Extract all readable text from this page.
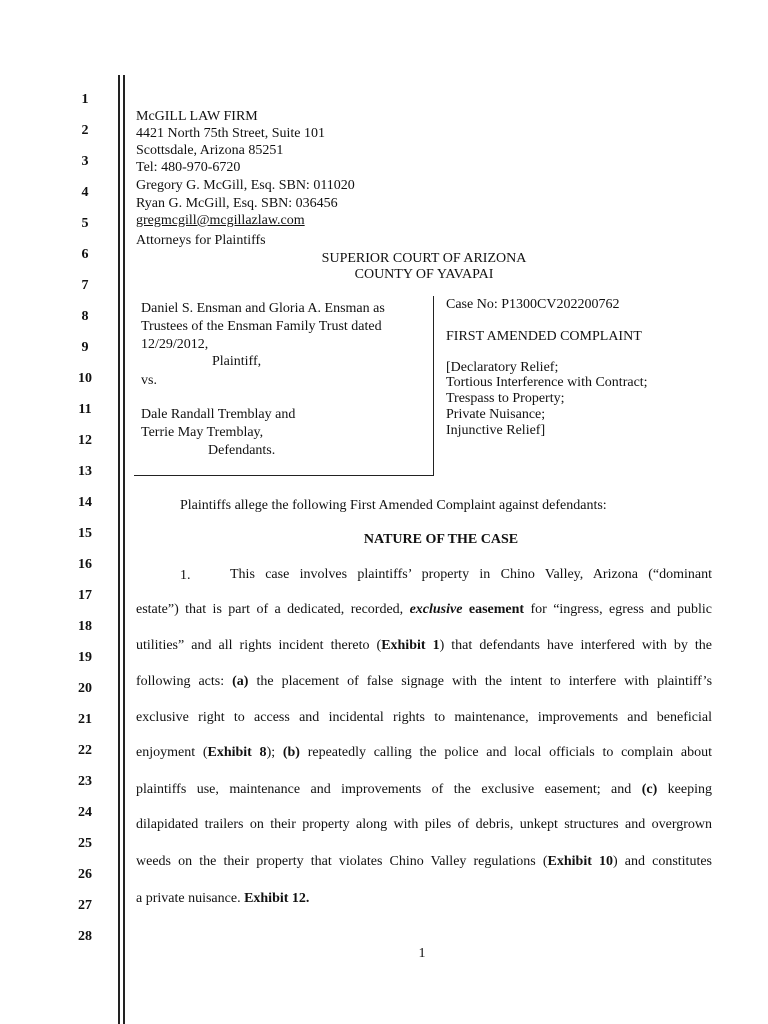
1
2
3
4
5
6
7
8
9
10
11
12
13
14
15
16
17
18
19
20
21
22
23
24
25
26
27
28
McGILL LAW FIRM
4421 North 75th Street, Suite 101
Scottsdale, Arizona 85251
Tel: 480-970-6720
Gregory G. McGill, Esq. SBN: 011020
Ryan G. McGill, Esq. SBN: 036456
gregmcgill@mcgillazlaw.com
Attorneys for Plaintiffs
SUPERIOR COURT OF ARIZONA
COUNTY OF YAVAPAI
Daniel S. Ensman and Gloria A. Ensman as
Trustees of the Ensman Family Trust dated
12/29/2012,
Plaintiff,
vs.
Dale Randall Tremblay and
Terrie May Tremblay,
Defendants.
Case No: P1300CV202200762
FIRST AMENDED COMPLAINT
[Declaratory Relief;
Tortious Interference with Contract;
Trespass to Property;
Private Nuisance;
Injunctive Relief]
Plaintiffs allege the following First Amended Complaint against defendants:
NATURE OF THE CASE
1.	This case involves plaintiffs’ property in Chino Valley, Arizona (“dominant
estate”) that is part of a dedicated, recorded, exclusive easement for “ingress, egress and public
utilities” and all rights incident thereto (Exhibit 1) that defendants have interfered with by the
following acts: (a) the placement of false signage with the intent to interfere with plaintiff’s
exclusive right to access and incidental rights to maintenance, improvements and beneficial
enjoyment (Exhibit 8); (b) repeatedly calling the police and local officials to complain about
plaintiffs use, maintenance and improvements of the exclusive easement; and (c) keeping
dilapidated trailers on their property along with piles of debris, unkept structures and overgrown
weeds on the their property that violates Chino Valley regulations (Exhibit 10) and constitutes
a private nuisance. Exhibit 12.
1
